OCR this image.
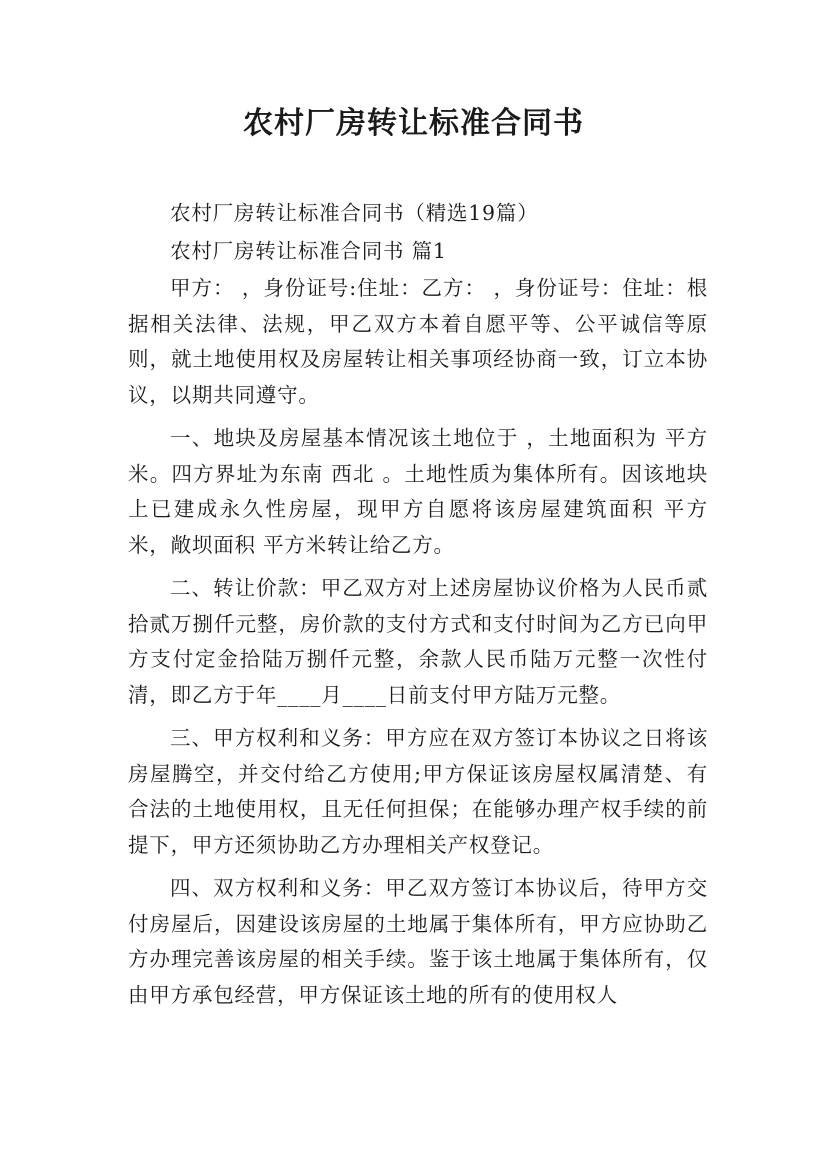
农村厂房转让标准合同书

农村厂房转让标准合同书（精选19篇）

农村厂房转让标准合同书 篇1

甲方： ，身份证号:住址：乙方： ，身份证号：住址：根据相关法律、法规，甲乙双方本着自愿平等、公平诚信等原则，就土地使用权及房屋转让相关事项经协商一致，订立本协议，以期共同遵守。

一、地块及房屋基本情况该土地位于 ，土地面积为 平方米。四方界址为东南 西北 。土地性质为集体所有。因该地块上已建成永久性房屋，现甲方自愿将该房屋建筑面积 平方米，敞坝面积 平方米转让给乙方。

二、转让价款：甲乙双方对上述房屋协议价格为人民币贰拾贰万捌仟元整，房价款的支付方式和支付时间为乙方已向甲方支付定金拾陆万捌仟元整，余款人民币陆万元整一次性付清，即乙方于年____月____日前支付甲方陆万元整。

三、甲方权利和义务：甲方应在双方签订本协议之日将该房屋腾空，并交付给乙方使用;甲方保证该房屋权属清楚、有合法的土地使用权，且无任何担保；在能够办理产权手续的前提下，甲方还须协助乙方办理相关产权登记。

四、双方权利和义务：甲乙双方签订本协议后，待甲方交付房屋后，因建设该房屋的土地属于集体所有，甲方应协助乙方办理完善该房屋的相关手续。鉴于该土地属于集体所有，仅由甲方承包经营，甲方保证该土地的所有的使用权人
